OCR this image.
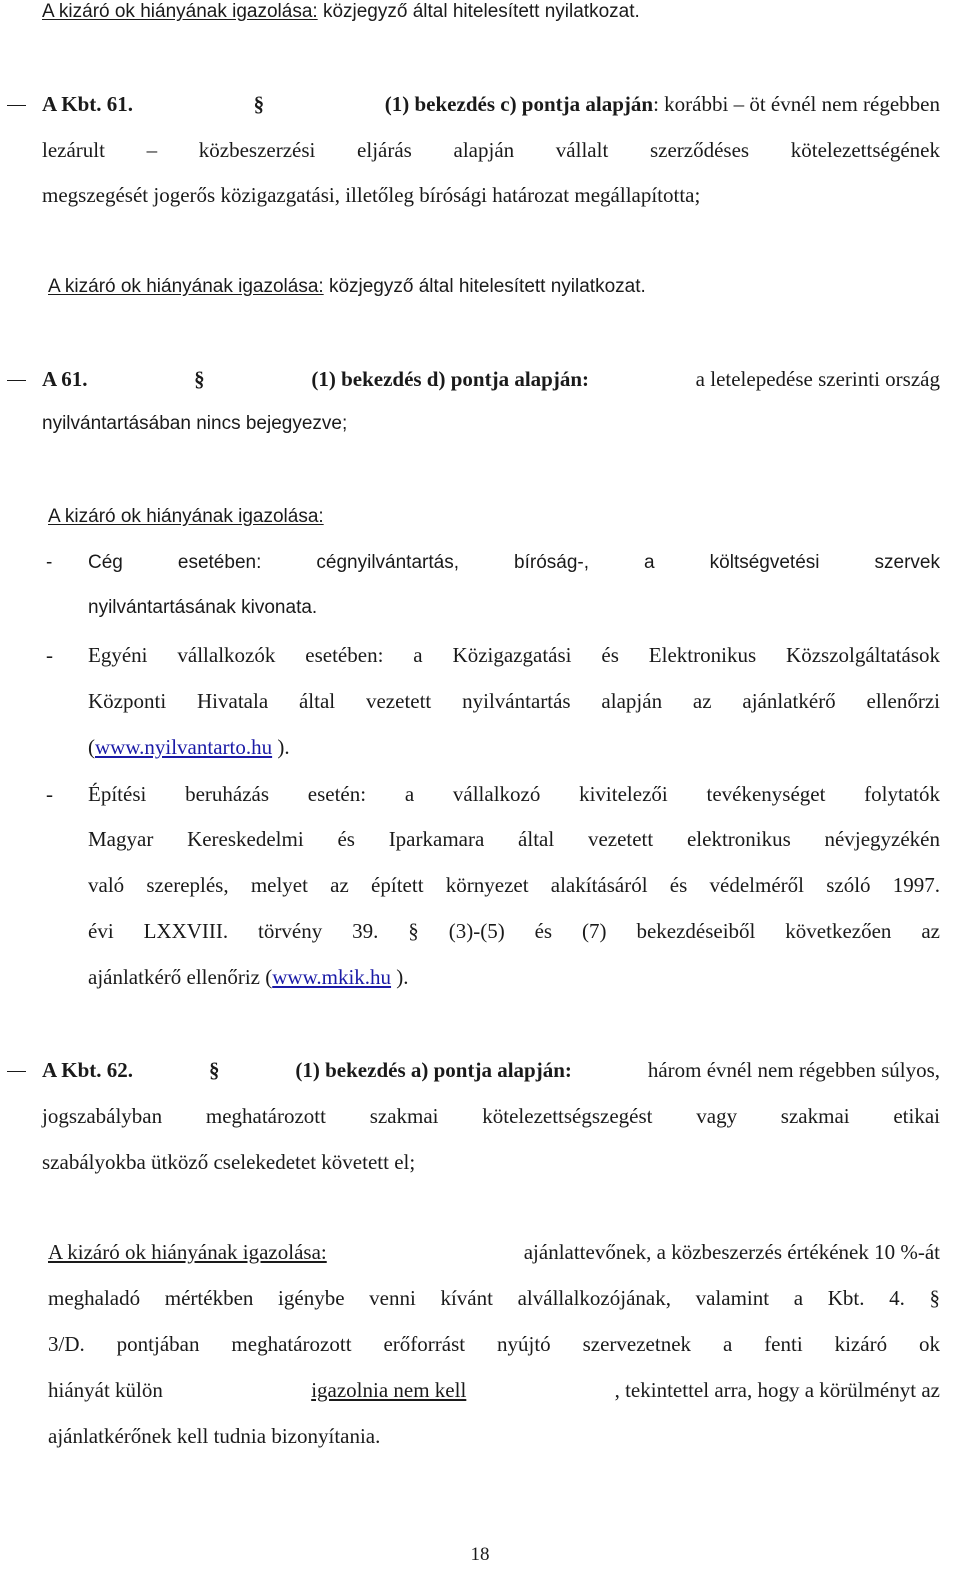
A kizáró ok hiányának igazolása: közjegyző által hitelesített nyilatkozat.
A Kbt. 61.	§	(1) bekezdés c) pontja alapján: korábbi – öt évnél nem régebben
lezárult – közbeszerzési eljárás alapján vállalt szerződéses kötelezettségének
megszegését jogerős közigazgatási, illetőleg bírósági határozat megállapította;
A kizáró ok hiányának igazolása: közjegyző által hitelesített nyilatkozat.
A 61.	§	(1) bekezdés d) pontja alapján:	a letelepedése szerinti ország
nyilvántartásában nincs bejegyezve;
A kizáró ok hiányának igazolása:
- Cég esetében: cégnyilvántartás, bíróság-, a költségvetési szervek
nyilvántartásának kivonata.
- Egyéni vállalkozók esetében: a Közigazgatási és Elektronikus Közszolgáltatások
Központi Hivatala által vezetett nyilvántartás alapján az ajánlatkérő ellenőrzi
(www.nyilvantarto.hu ).
- Építési beruházás esetén: a vállalkozó kivitelezői tevékenységet folytatók
Magyar Kereskedelmi és Iparkamara által vezetett elektronikus névjegyzékén
való szereplés, melyet az épített környezet alakításáról és védelméről szóló 1997.
évi LXXVIII. törvény 39. § (3)-(5) és (7) bekezdéseiből következően az
ajánlatkérő ellenőriz (www.mkik.hu ).
A Kbt. 62.	§	(1) bekezdés a) pontja alapján:	három évnél nem régebben súlyos,
jogszabályban meghatározott szakmai kötelezettségszegést vagy szakmai etikai
szabályokba ütköző cselekedetet követett el;
A kizáró ok hiányának igazolása:	ajánlattevőnek, a közbeszerzés értékének 10 %-át
meghaladó mértékben igénybe venni kívánt alvállalkozójának, valamint a Kbt. 4. §
3/D. pontjában meghatározott erőforrást nyújtó szervezetnek a fenti kizáró ok
hiányát külön	igazolnia nem kell	, tekintettel arra, hogy a körülményt az
ajánlatkérőnek kell tudnia bizonyítania.
18
